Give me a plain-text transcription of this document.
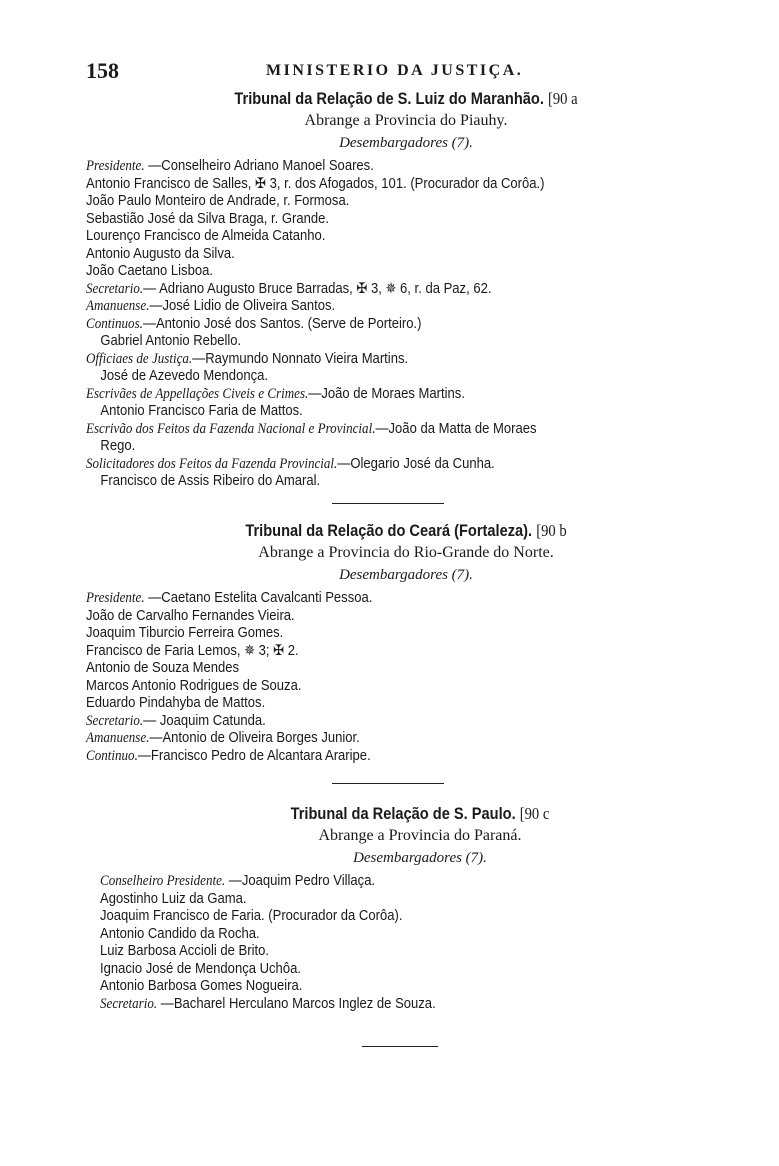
158	MINISTERIO DA JUSTIÇA.
Tribunal da Relação de S. Luiz do Maranhão. [90 a
Abrange a Provincia do Piauhy.
Desembargadores (7).
Presidente. —Conselheiro Adriano Manoel Soares.
Antonio Francisco de Salles, ✠ 3, r. dos Afogados, 101. (Procurador da Corôa.)
João Paulo Monteiro de Andrade, r. Formosa.
Sebastião José da Silva Braga, r. Grande.
Lourenço Francisco de Almeida Catanho.
Antonio Augusto da Silva.
João Caetano Lisboa.
Secretario.— Adriano Augusto Bruce Barradas, ✠ 3, ✵ 6, r. da Paz, 62.
Amanuense.—José Lidio de Oliveira Santos.
Continuos.—Antonio José dos Santos. (Serve de Porteiro.)
Gabriel Antonio Rebello.
Officiaes de Justiça.—Raymundo Nonnato Vieira Martins.
José de Azevedo Mendonça.
Escrivães de Appellações Civeis e Crimes.—João de Moraes Martins.
Antonio Francisco Faria de Mattos.
Escrivão dos Feitos da Fazenda Nacional e Provincial.—João da Matta de Moraes
Rego.
Solicitadores dos Feitos da Fazenda Provincial.—Olegario José da Cunha.
Francisco de Assis Ribeiro do Amaral.
Tribunal da Relação do Ceará (Fortaleza). [90 b
Abrange a Provincia do Rio-Grande do Norte.
Desembargadores (7).
Presidente. —Caetano Estelita Cavalcanti Pessoa.
João de Carvalho Fernandes Vieira.
Joaquim Tiburcio Ferreira Gomes.
Francisco de Faria Lemos, ✵ 3; ✠ 2.
Antonio de Souza Mendes
Marcos Antonio Rodrigues de Souza.
Eduardo Pindahyba de Mattos.
Secretario.— Joaquim Catunda.
Amanuense.—Antonio de Oliveira Borges Junior.
Continuo.—Francisco Pedro de Alcantara Araripe.
Tribunal da Relação de S. Paulo. [90 c
Abrange a Provincia do Paraná.
Desembargadores (7).
Conselheiro Presidente. —Joaquim Pedro Villaça.
Agostinho Luiz da Gama.
Joaquim Francisco de Faria. (Procurador da Corôa).
Antonio Candido da Rocha.
Luiz Barbosa Accioli de Brito.
Ignacio José de Mendonça Uchôa.
Antonio Barbosa Gomes Nogueira.
Secretario. —Bacharel Herculano Marcos Inglez de Souza.
